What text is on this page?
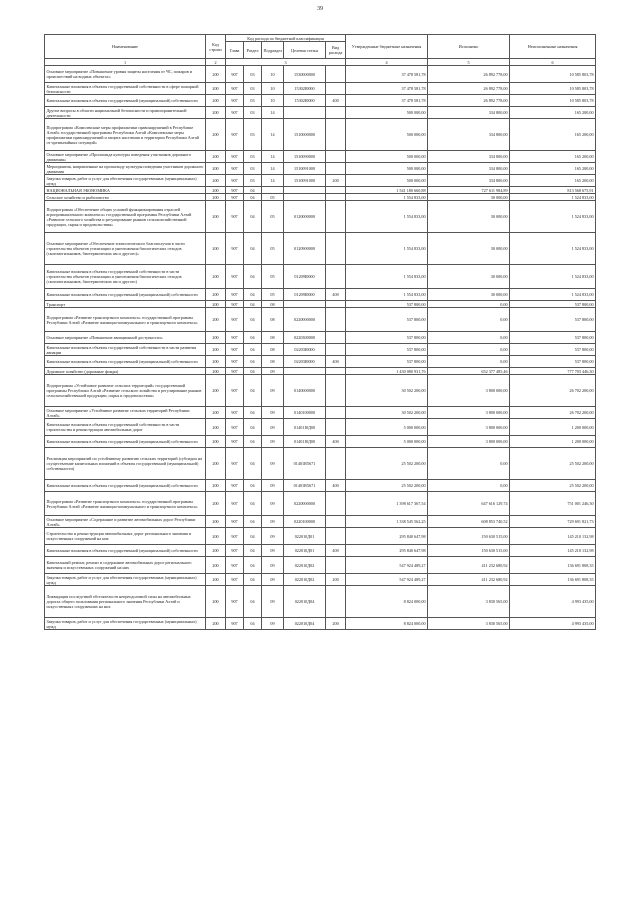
39
Наименование	Код строки	Код расхода по бюджетной классификации					Утвержденные бюджетные назначения	Исполнено	Неисполненные назначения
		Глава	Раздел	Подраздел	Целевая статья	Вид расхода			
1	2	3					4	5	6
Основное мероприятие «Повышение уровня защиты населения от ЧС, пожаров и происшествий на водных объектах»	200	907	03	10	1530000000		37 478 581,78	26 892 778,00	10 585 803,78
Капитальные вложения в объекты государственной собственности в сфере пожарной безопасности	200	907	03	10	15302I0000		37 478 581,78	26 892 778,00	10 585 803,78
Капитальные вложения в объекты государственной (муниципальной) собственности	200	907	03	10	15302I0000	400	37 478 581,78	26 892 778,00	10 585 803,78
Другие вопросы в области национальной безопасности и правоохранительной деятельности	200	907	03	14			500 000,00	334 800,00	165 200,00
Подпрограмма «Комплексные меры профилактики правонарушений в Республике Алтай» государственной программы Республики Алтай «Комплексные меры профилактики правонарушений и защита населения и территории Республики Алтай от чрезвычайных ситуаций»	200	907	03	14	1510000000		500 000,00	334 800,00	165 200,00
Основное мероприятие «Пропаганда культуры поведения участников дорожного движения»	200	907	03	14	1510090000		500 000,00	334 800,00	165 200,00
Мероприятия, направленные на пропаганду культуры поведения участников дорожного движения	200	907	03	14	1510091000		500 000,00	334 800,00	165 200,00
Закупка товаров, работ и услуг для обеспечения государственных (муниципальных) нужд	200	907	03	14	1510091000	200	500 000,00	334 800,00	165 200,00
НАЦИОНАЛЬНАЯ ЭКОНОМИКА	200	907	04				1 541 180 660,88	727 611 984,89	813 568 675,91
Сельское хозяйство и рыболовство	200	907	04	05			1 554 833,00	30 000,00	1 524 833,00
Подпрограмма «Обеспечение общих условий функционирования отраслей агропромышленного комплекса» государственной программы Республики Алтай «Развитие сельского хозяйства и регулирование рынков сельскохозяйственной продукции, сырья и продовольствия»	200	907	04	05	0120000000		1 554 833,00	30 000,00	1 524 833,00
Основное мероприятие «Обеспечение эпизоотического благополучия в части строительства объектов утилизации и уничтожения биологических отходов (скотомогильников, биотермических ям и другого)»	200	907	04	05	0120900000		1 554 833,00	30 000,00	1 524 833,00
Капитальные вложения в объекты государственной собственности в части строительства объектов утилизации и уничтожения биологических отходов (скотомогильников, биотермических ям и другого)	200	907	04	05	01209I0000		1 554 833,00	30 000,00	1 524 833,00
Капитальные вложения в объекты государственной (муниципальной) собственности	200	907	04	05	01209I0000	400	1 554 833,00	30 000,00	1 524 833,00
Транспорт	200	907	04	08			537 800,00	0,00	537 800,00
Подпрограмма «Развитие транспортного комплекса» государственной программы Республики Алтай «Развитие жилищно-коммунального и транспортного комплекса»	200	907	04	08	0220000000		537 800,00	0,00	537 800,00
Основное мероприятие «Повышение авиационной доступности»	200	907	04	08	0220300000		537 800,00	0,00	537 800,00
Капитальные вложения в объекты государственной собственности в части развития авиации	200	907	04	08	02203I0000		537 800,00	0,00	537 800,00
Капитальные вложения в объекты государственной (муниципальной) собственности	200	907	04	08	02203I0000	400	537 800,00	0,00	537 800,00
Дорожное хозяйство (дорожные фонды)	200	907	04	09			1 430 080 931,76	652 377 485,46	777 703 446,30
Подпрограмма «Устойчивое развитие сельских территорий» государственной программы Республики Алтай «Развитие сельского хозяйства и регулирование рынков сельскохозяйственной продукции, сырья и продовольствия»	200	907	04	09	0140000000		30 502 200,00	3 800 000,00	26 702 200,00
Основное мероприятие «Устойчивое развитие сельских территорий Республики Алтай»	200	907	04	09	0140100000		30 502 200,00	3 800 000,00	26 702 200,00
Капитальные вложения в объекты государственной собственности в части строительства и реконструкции автомобильных дорог	200	907	04	09	01401I0Д00		5 000 000,00	3 800 000,00	1 200 000,00
Капитальные вложения в объекты государственной (муниципальной) собственности	200	907	04	09	01401I0Д00	400	5 000 000,00	3 800 000,00	1 200 000,00
Реализация мероприятий по устойчивому развитию сельских территорий (субсидии на осуществление капитальных вложений в объекты государственной (муниципальной) собственности)	200	907	04	09	01401R5671		25 502 200,00	0,00	25 502 200,00
Капитальные вложения в объекты государственной (муниципальной) собственности	200	907	04	09	01401R5671	400	25 502 200,00	0,00	25 502 200,00
Подпрограмма «Развитие транспортного комплекса» государственной программы Республики Алтай «Развитие жилищно-коммунального и транспортного комплекса»	200	907	04	09	0220000000		1 398 617 367,54	647 616 129,74	751 001 246,30
Основное мероприятие «Содержание и развитие автомобильных дорог Республики Алтай»	200	907	04	09	0220100000		1 338 545 562,25	608 853 740,52	729 691 821,73
Строительство и реконструкция автомобильных дорог регионального значения и искусственных сооружений на них	200	907	04	09	022010Д01		295 840 647,98	150 630 515,00	145 210 132,98
Капитальные вложения в объекты государственной (муниципальной) собственности	200	907	04	09	022010Д01	400	295 840 647,98	150 630 515,00	145 210 132,98
Капитальный ремонт, ремонт и содержание автомобильных дорог регионального значения и искусственных сооружений на них	200	907	04	09	022010Д02		547 924 489,27	411 232 680,92	136 691 808,35
Закупка товаров, работ и услуг для обеспечения государственных (муниципальных) нужд	200	907	04	09	022010Д02	200	547 924 489,27	411 232 680,92	136 691 808,35
Ликвидация последствий обстоятельств непреодолимой силы на автомобильных дорогах общего пользования регионального значения Республики Алтай и искусственных сооружениях на них	200	907	04	09	022010Д04		8 824 000,00	3 830 565,00	4 993 435,00
Закупка товаров, работ и услуг для обеспечения государственных (муниципальных) нужд	200	907	04	09	022010Д04	200	8 824 000,00	3 830 565,00	4 993 435,00
